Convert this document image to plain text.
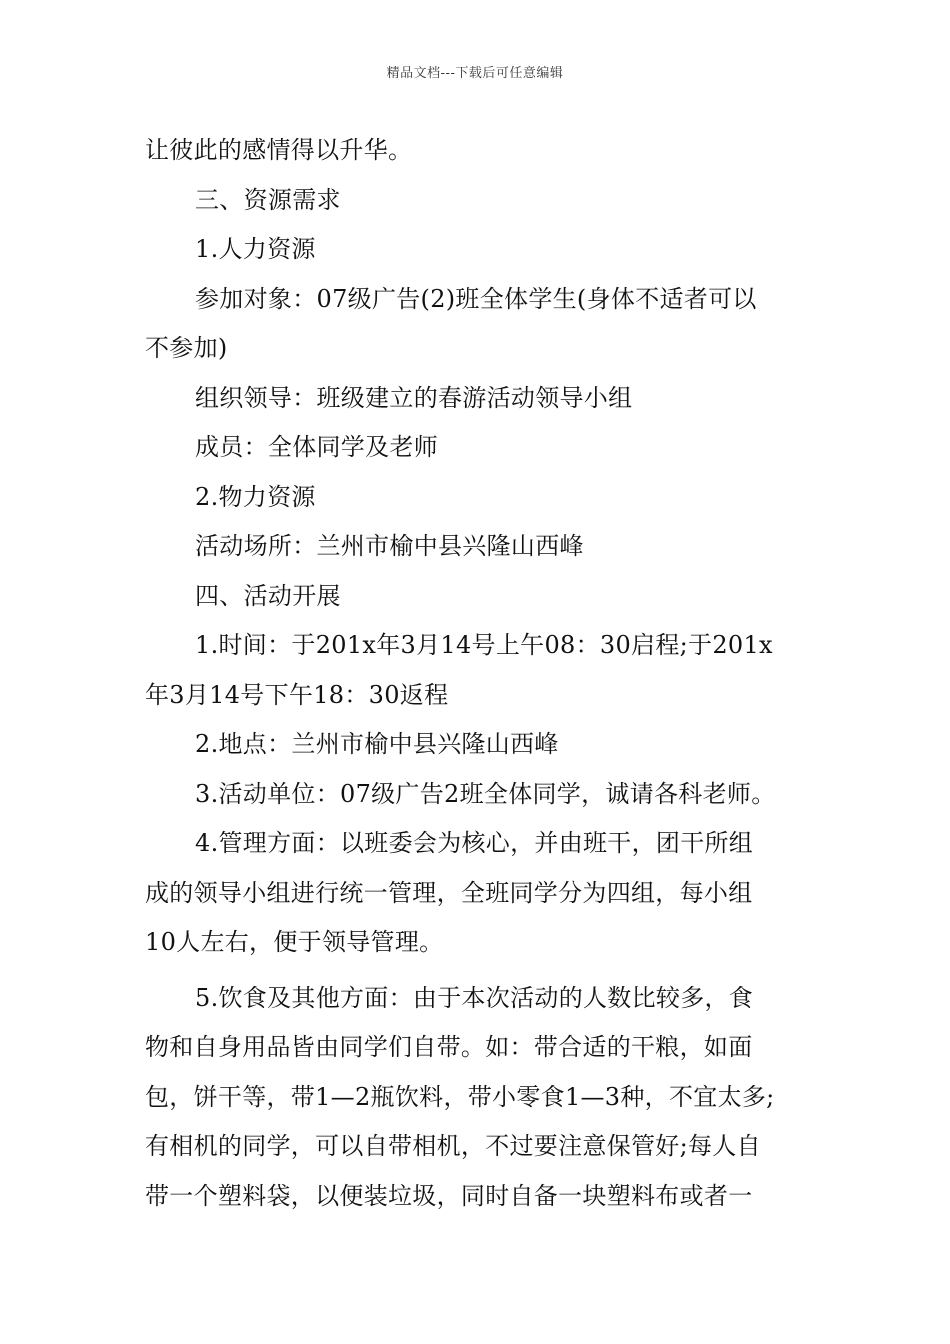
精品文档---下载后可任意编辑
让彼此的感情得以升华。
三、资源需求
1.人力资源
参加对象：07级广告(2)班全体学生(身体不适者可以
不参加)
组织领导：班级建立的春游活动领导小组
成员：全体同学及老师
2.物力资源
活动场所：兰州市榆中县兴隆山西峰
四、活动开展
1.时间：于201x年3月14号上午08：30启程;于201x
年3月14号下午18：30返程
2.地点：兰州市榆中县兴隆山西峰
3.活动单位：07级广告2班全体同学，诚请各科老师。
4.管理方面：以班委会为核心，并由班干，团干所组
成的领导小组进行统一管理，全班同学分为四组，每小组
10人左右，便于领导管理。
5.饮食及其他方面：由于本次活动的人数比较多，食
物和自身用品皆由同学们自带。如：带合适的干粮，如面
包，饼干等，带1—2瓶饮料，带小零食1—3种，不宜太多;
有相机的同学，可以自带相机，不过要注意保管好;每人自
带一个塑料袋，以便装垃圾，同时自备一块塑料布或者一
